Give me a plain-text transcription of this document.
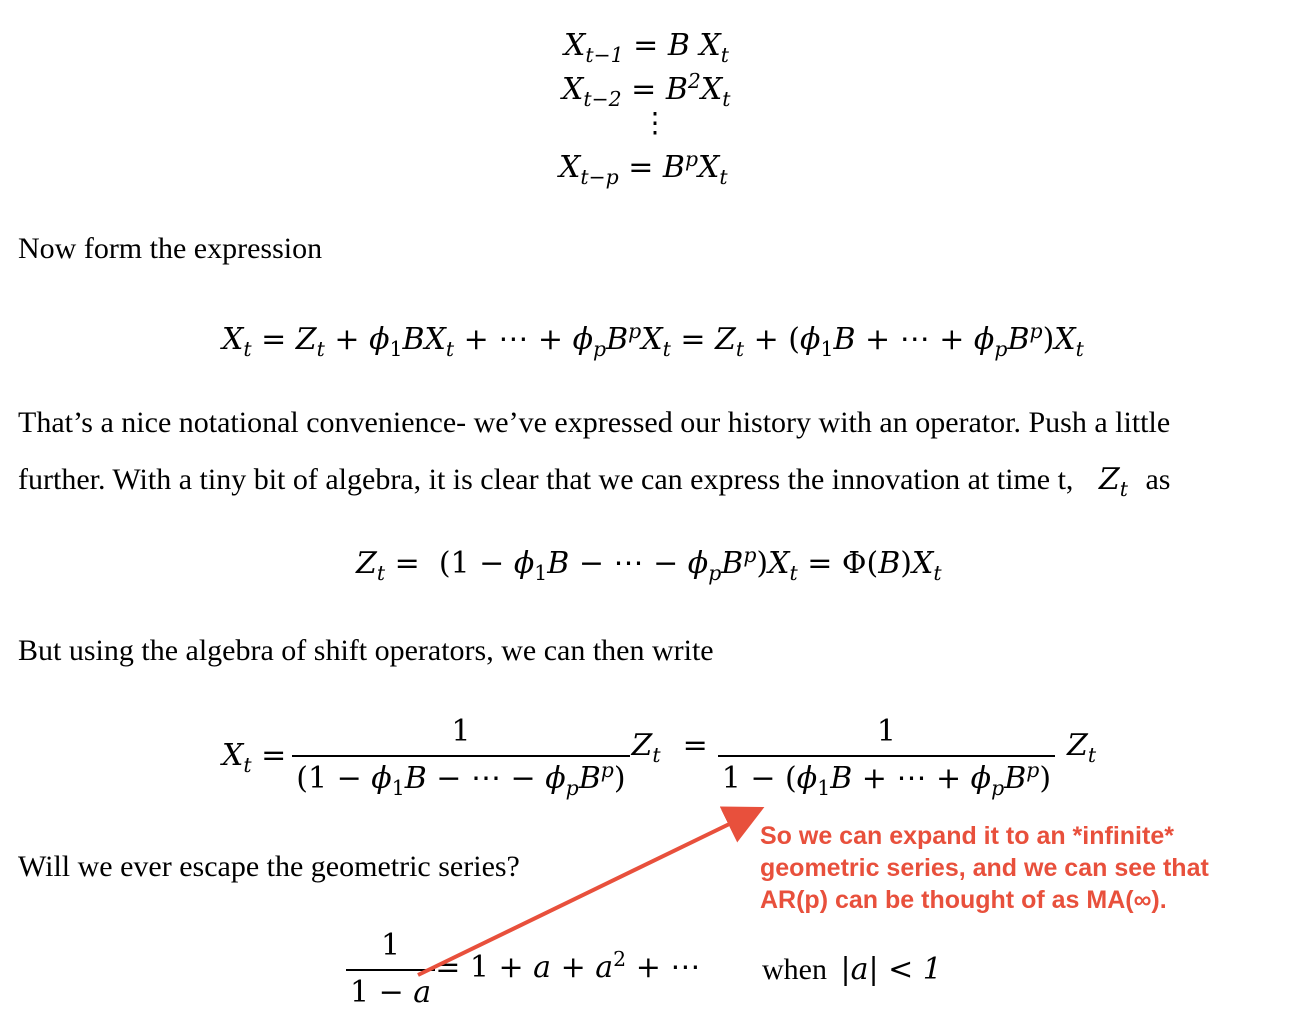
$X_{t-1} = B$ $X_t$
$X_{t-2} = B^2X_t$
⋮
$X_{t-p} = B^pX_t$
Now form the expression
$X_t = Z_t + \phi_1BX_t$ + ⋯ + $\phi_pB^pX_t = Z_t + (\phi_1B$ + ⋯ + $\phi_pB^p)X_t$
That’s a nice notational convenience- we’ve expressed our history with an operator. Push a little
further. With a tiny bit of algebra, it is clear that we can express the innovation at time t, $Z_t$ as
$Z_t = (1 - \phi_1B$ − ⋯ − $\phi_pB^p)X_t = \Phi(B)X_t$
But using the algebra of shift operators, we can then write
$X_t = \frac{1}{(1 - \phi_1B - \cdots - \phi_pB^p)} Z_t = \frac{1}{1 - (\phi_1B + \cdots + \phi_pB^p)} Z_t$
Will we ever escape the geometric series?
So we can expand it to an *infinite* geometric series, and we can see that AR(p) can be thought of as MA(∞).
$\frac{1}{1 - a} = 1 + a + a^2$ + ⋯ when |a| < 1
